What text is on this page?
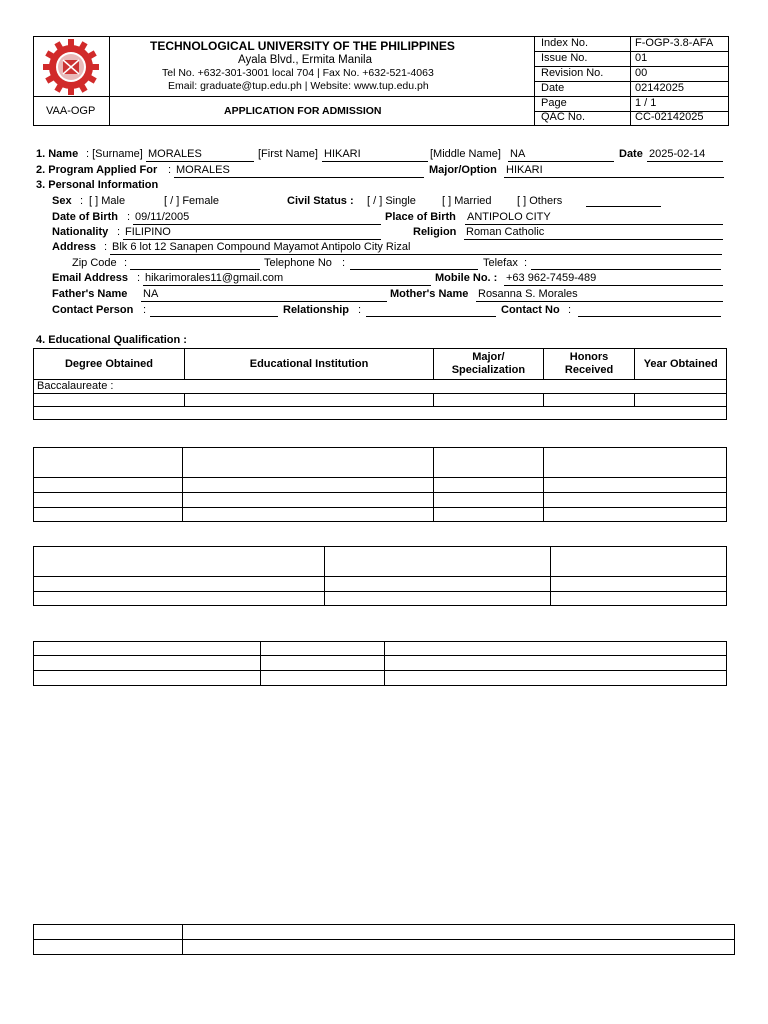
TECHNOLOGICAL UNIVERSITY OF THE PHILIPPINES
Ayala Blvd., Ermita Manila
Tel No. +632-301-3001 local 704 | Fax No. +632-521-4063
Email: graduate@tup.edu.ph | Website: www.tup.edu.ph
VAA-OGP	APPLICATION FOR ADMISSION
Index No.	F-OGP-3.8-AFA
Issue No.	01
Revision No.	00
Date	02142025
Page	1 / 1
QAC No.	CC-02142025
1. Name : [Surname] MORALES	[First Name] HIKARI	[Middle Name] NA	Date 2025-02-14
2. Program Applied For : MORALES	Major/Option HIKARI
3. Personal Information
Sex : [ ] Male	[ / ] Female	Civil Status : [ / ] Single [ ] Married [ ] Others
Date of Birth : 09/11/2005	Place of Birth ANTIPOLO CITY
Nationality : FILIPINO	Religion Roman Catholic
Address : Blk 6 lot 12 Sanapen Compound Mayamot Antipolo City Rizal
Zip Code :	Telephone No :	Telefax :
Email Address : hikarimorales11@gmail.com	Mobile No. : +63 962-7459-489
Father's Name NA	Mother's Name Rosanna S. Morales
Contact Person :	Relationship :	Contact No :
4. Educational Qualification :
Degree Obtained	Educational Institution	Major/ Specialization	Honors Received	Year Obtained
Baccalaureate :				
